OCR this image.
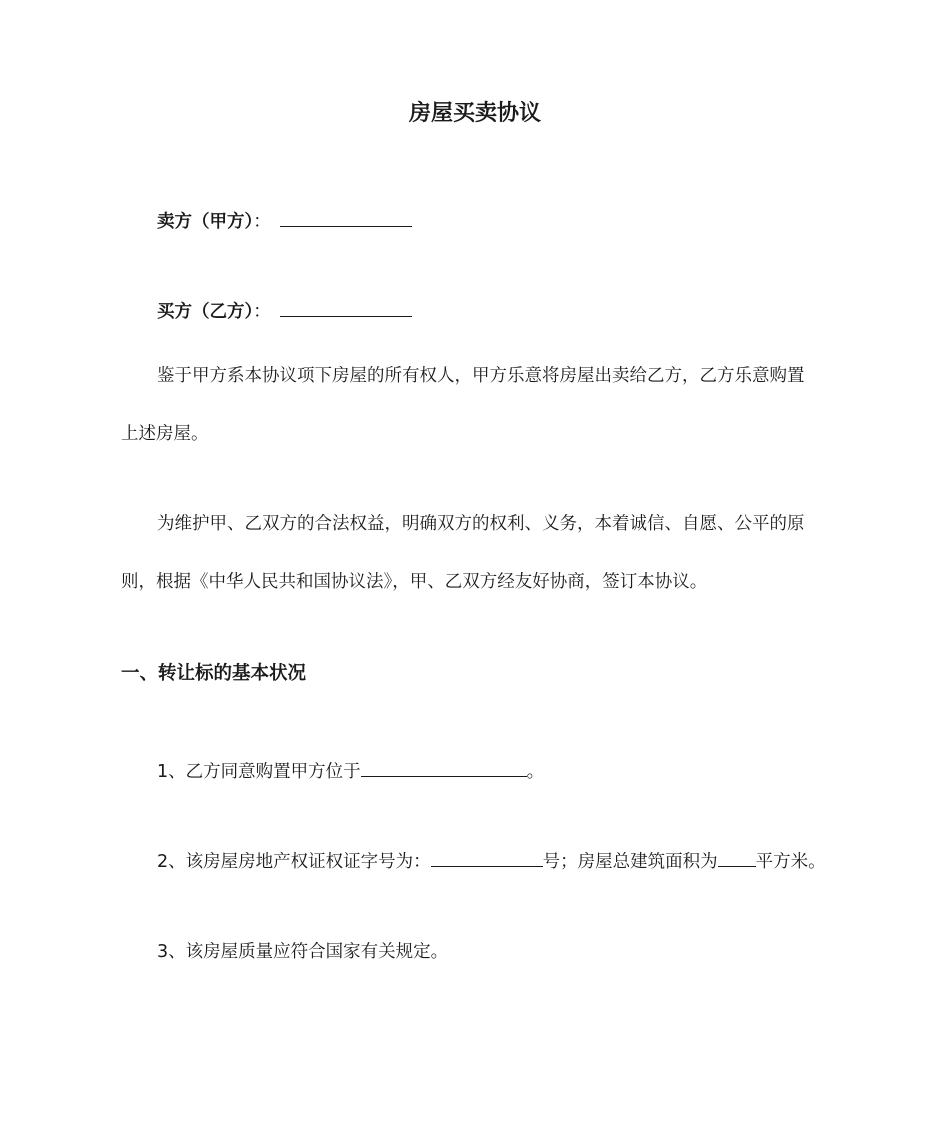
房屋买卖协议
卖方（甲方）：
买方（乙方）：
鉴于甲方系本协议项下房屋的所有权人，甲方乐意将房屋出卖给乙方，乙方乐意购置
上述房屋。
为维护甲、乙双方的合法权益，明确双方的权利、义务，本着诚信、自愿、公平的原
则，根据《中华人民共和国协议法》，甲、乙双方经友好协商，签订本协议。
一、转让标的基本状况
1、乙方同意购置甲方位于	。
2、该房屋房地产权证权证字号为：	号；房屋总建筑面积为 平方米。
3、该房屋质量应符合国家有关规定。
